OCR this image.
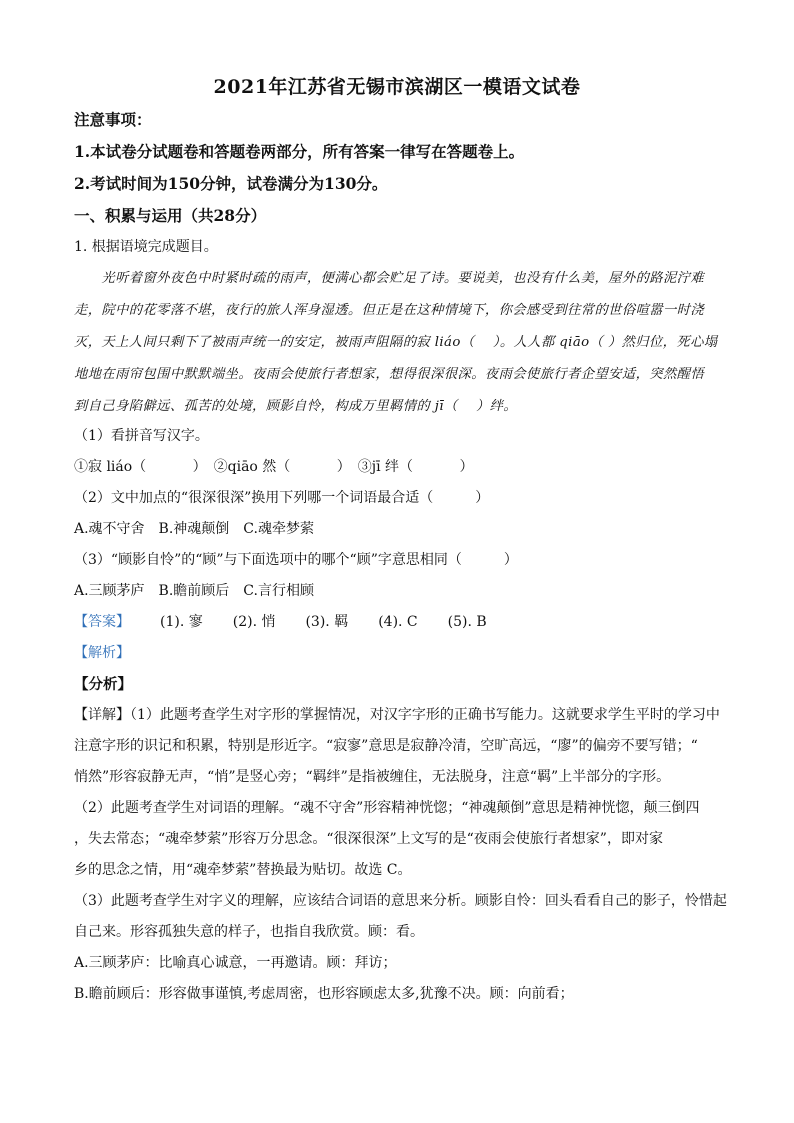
2021年江苏省无锡市滨湖区一模语文试卷
注意事项：
1.本试卷分试题卷和答题卷两部分，所有答案一律写在答题卷上。
2.考试时间为150分钟，试卷满分为130分。
一、积累与运用（共28分）
1. 根据语境完成题目。
　　光听着窗外夜色中时紧时疏的雨声，便满心都会贮足了诗。要说美，也没有什么美，屋外的路泥泞难
走，院中的花零落不堪，夜行的旅人浑身湿透。但正是在这种情境下，你会感受到往常的世俗喧嚣一时浇
灭，天上人间只剩下了被雨声统一的安定，被雨声阻隔的寂 liáo（　 ）。人人都 qiāo（ ）然归位，死心塌
地地在雨帘包围中默默端坐。夜雨会使旅行者想家，想得很深很深。夜雨会使旅行者企望安适，突然醒悟
到自己身陷僻远、孤苦的处境，顾影自怜，构成万里羁情的 jī（　 ）绊。
（1）看拼音写汉字。
①寂 liáo（　　　 ）　②qiāo 然（　　　 ）　③jī 绊（　　　 ）
（2）文中加点的“很深很深”换用下列哪一个词语最合适（　　　）
A.魂不守舍　B.神魂颠倒　C.魂牵梦萦
（3）“顾影自怜”的“顾”与下面选项中的哪个“顾”字意思相同（　　　）
A.三顾茅庐　B.瞻前顾后　C.言行相顾
【答案】 (1). 寥 (2). 悄 (3). 羁 (4). C (5). B
【解析】
【分析】
【详解】（1）此题考查学生对字形的掌握情况，对汉字字形的正确书写能力。这就要求学生平时的学习中
注意字形的识记和积累，特别是形近字。“寂寥”意思是寂静冷清，空旷高远，“廖”的偏旁不要写错；“
悄然”形容寂静无声，“悄”是竖心旁；“羁绊”是指被缠住，无法脱身，注意“羁”上半部分的字形。
（2）此题考查学生对词语的理解。“魂不守舍”形容精神恍惚；“神魂颠倒”意思是精神恍惚，颠三倒四
，失去常态；“魂牵梦萦”形容万分思念。“很深很深”上文写的是“夜雨会使旅行者想家”，即对家
乡的思念之情，用“魂牵梦萦”替换最为贴切。故选 C。
（3）此题考查学生对字义的理解，应该结合词语的意思来分析。顾影自怜：回头看看自己的影子，怜惜起
自己来。形容孤独失意的样子，也指自我欣赏。顾：看。
A.三顾茅庐：比喻真心诚意，一再邀请。顾：拜访；
B.瞻前顾后：形容做事谨慎,考虑周密，也形容顾虑太多,犹豫不决。顾：向前看；
